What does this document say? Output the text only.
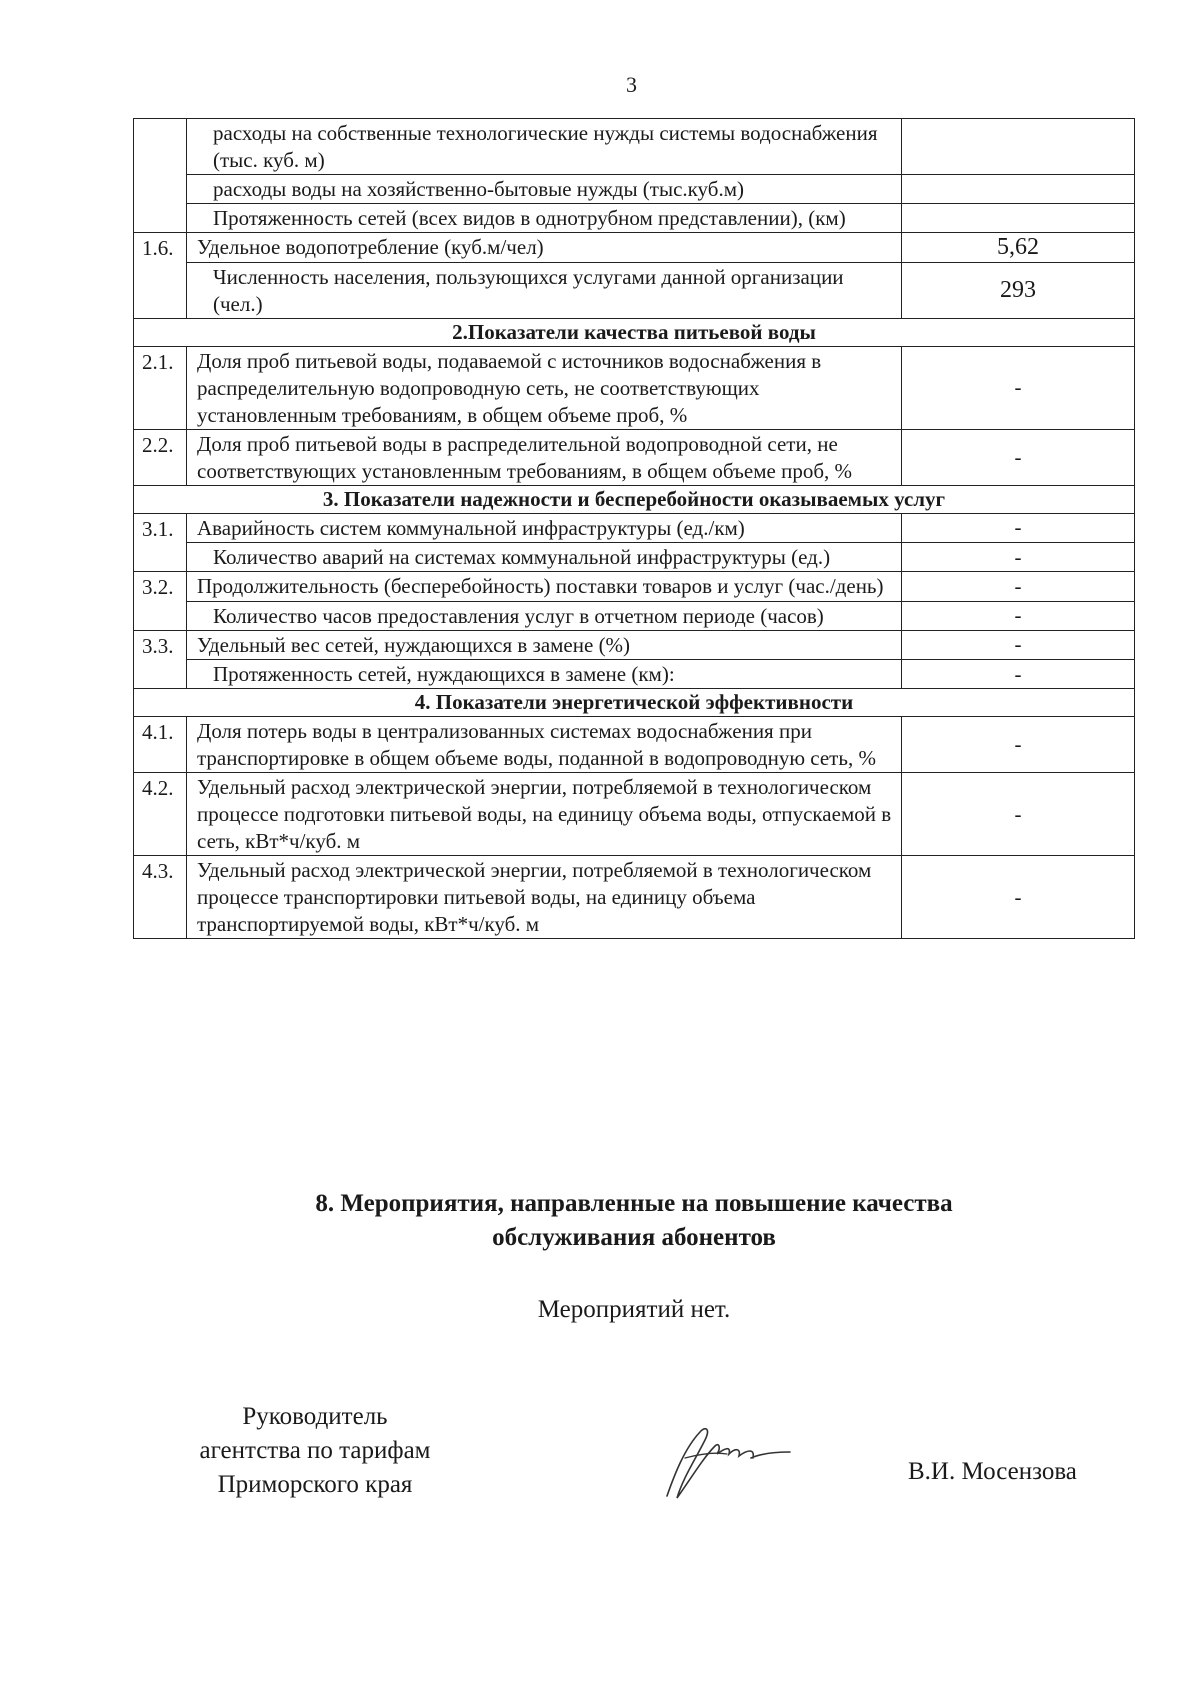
3
	расходы на собственные технологические нужды системы водоснабжения (тыс. куб. м)	
	расходы воды на хозяйственно-бытовые нужды (тыс.куб.м)	
	Протяженность сетей (всех видов в однотрубном представлении), (км)	
1.6.	Удельное водопотребление (куб.м/чел)	5,62
	Численность населения, пользующихся услугами данной организации (чел.)	293
2.Показатели качества питьевой воды		
2.1.	Доля проб питьевой воды, подаваемой с источников водоснабжения в распределительную водопроводную сеть, не соответствующих установленным требованиям, в общем объеме проб, %	-
2.2.	Доля проб питьевой воды в распределительной водопроводной сети, не соответствующих установленным требованиям, в общем объеме проб, %	-
3. Показатели надежности и бесперебойности оказываемых услуг		
3.1.	Аварийность систем коммунальной инфраструктуры (ед./км)	-
	Количество аварий на системах коммунальной инфраструктуры (ед.)	-
3.2.	Продолжительность (бесперебойность) поставки товаров и услуг (час./день)	-
	Количество часов предоставления услуг в отчетном периоде (часов)	-
3.3.	Удельный вес сетей, нуждающихся в замене (%)	-
	Протяженность сетей, нуждающихся в замене (км):	-
4. Показатели энергетической эффективности		
4.1.	Доля потерь воды в централизованных системах водоснабжения при транспортировке в общем объеме воды, поданной в водопроводную сеть, %	-
4.2.	Удельный расход электрической энергии, потребляемой в технологическом процессе подготовки питьевой воды, на единицу объема воды, отпускаемой в сеть, кВт*ч/куб. м	-
4.3.	Удельный расход электрической энергии, потребляемой в технологическом процессе транспортировки питьевой воды, на единицу объема транспортируемой воды, кВт*ч/куб. м	-
8. Мероприятия, направленные на повышение качества
обслуживания абонентов
Мероприятий нет.
Руководитель
агентства по тарифам
Приморского края	В.И. Мосензова
